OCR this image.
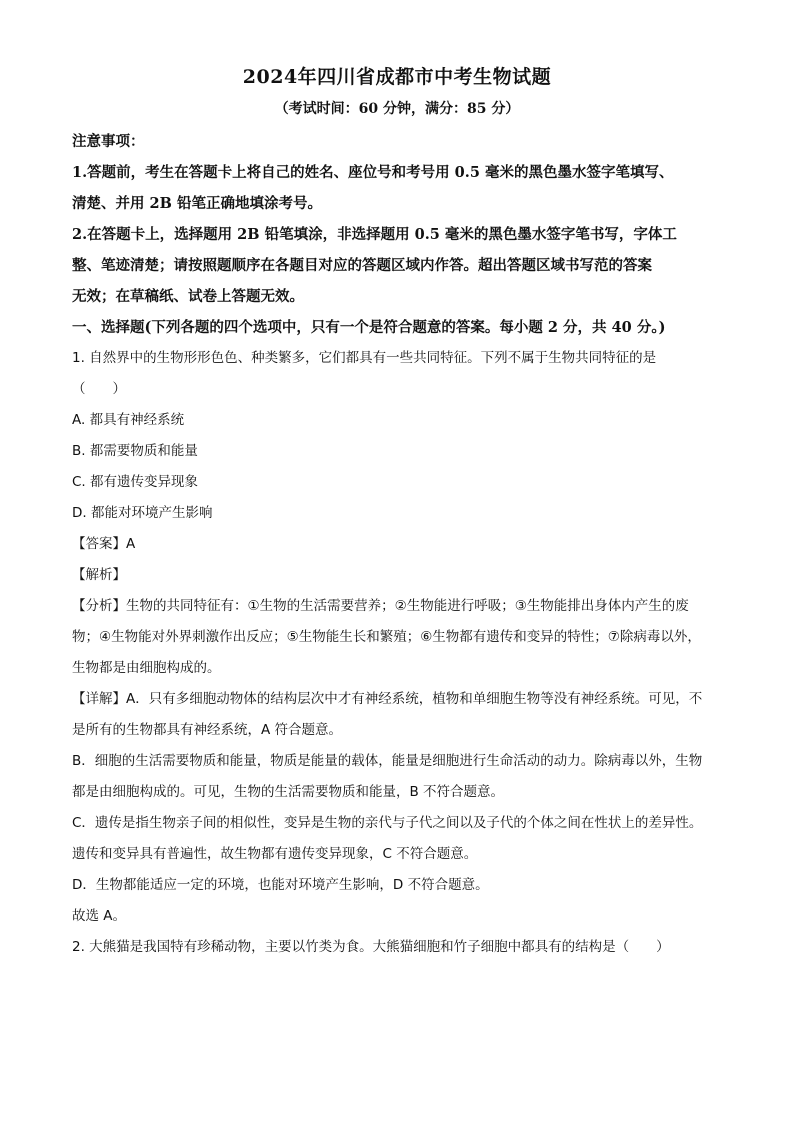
2024年四川省成都市中考生物试题

（考试时间：60 分钟，满分：85 分）

注意事项：

1.答题前，考生在答题卡上将自己的姓名、座位号和考号用 0.5 毫米的黑色墨水签字笔填写、

清楚、并用 2B 铅笔正确地填涂考号。

2.在答题卡上，选择题用 2B 铅笔填涂，非选择题用 0.5 毫米的黑色墨水签字笔书写，字体工

整、笔迹清楚；请按照题顺序在各题目对应的答题区域内作答。超出答题区域书写范的答案

无效；在草稿纸、试卷上答题无效。

一、选择题(下列各题的四个选项中，只有一个是符合题意的答案。每小题 2 分，共 40 分。)

1. 自然界中的生物形形色色、种类繁多，它们都具有一些共同特征。下列不属于生物共同特征的是

（　　）

A. 都具有神经系统

B. 都需要物质和能量

C. 都有遗传变异现象

D. 都能对环境产生影响

【答案】A

【解析】

【分析】生物的共同特征有：①生物的生活需要营养；②生物能进行呼吸；③生物能排出身体内产生的废

物；④生物能对外界刺激作出反应；⑤生物能生长和繁殖；⑥生物都有遗传和变异的特性；⑦除病毒以外，

生物都是由细胞构成的。

【详解】A．只有多细胞动物体的结构层次中才有神经系统，植物和单细胞生物等没有神经系统。可见，不

是所有的生物都具有神经系统，A 符合题意。

B．细胞的生活需要物质和能量，物质是能量的载体，能量是细胞进行生命活动的动力。除病毒以外，生物

都是由细胞构成的。可见，生物的生活需要物质和能量，B 不符合题意。

C．遗传是指生物亲子间的相似性，变异是生物的亲代与子代之间以及子代的个体之间在性状上的差异性。

遗传和变异具有普遍性，故生物都有遗传变异现象，C 不符合题意。

D．生物都能适应一定的环境，也能对环境产生影响，D 不符合题意。

故选 A。

2. 大熊猫是我国特有珍稀动物，主要以竹类为食。大熊猫细胞和竹子细胞中都具有的结构是（　　）
